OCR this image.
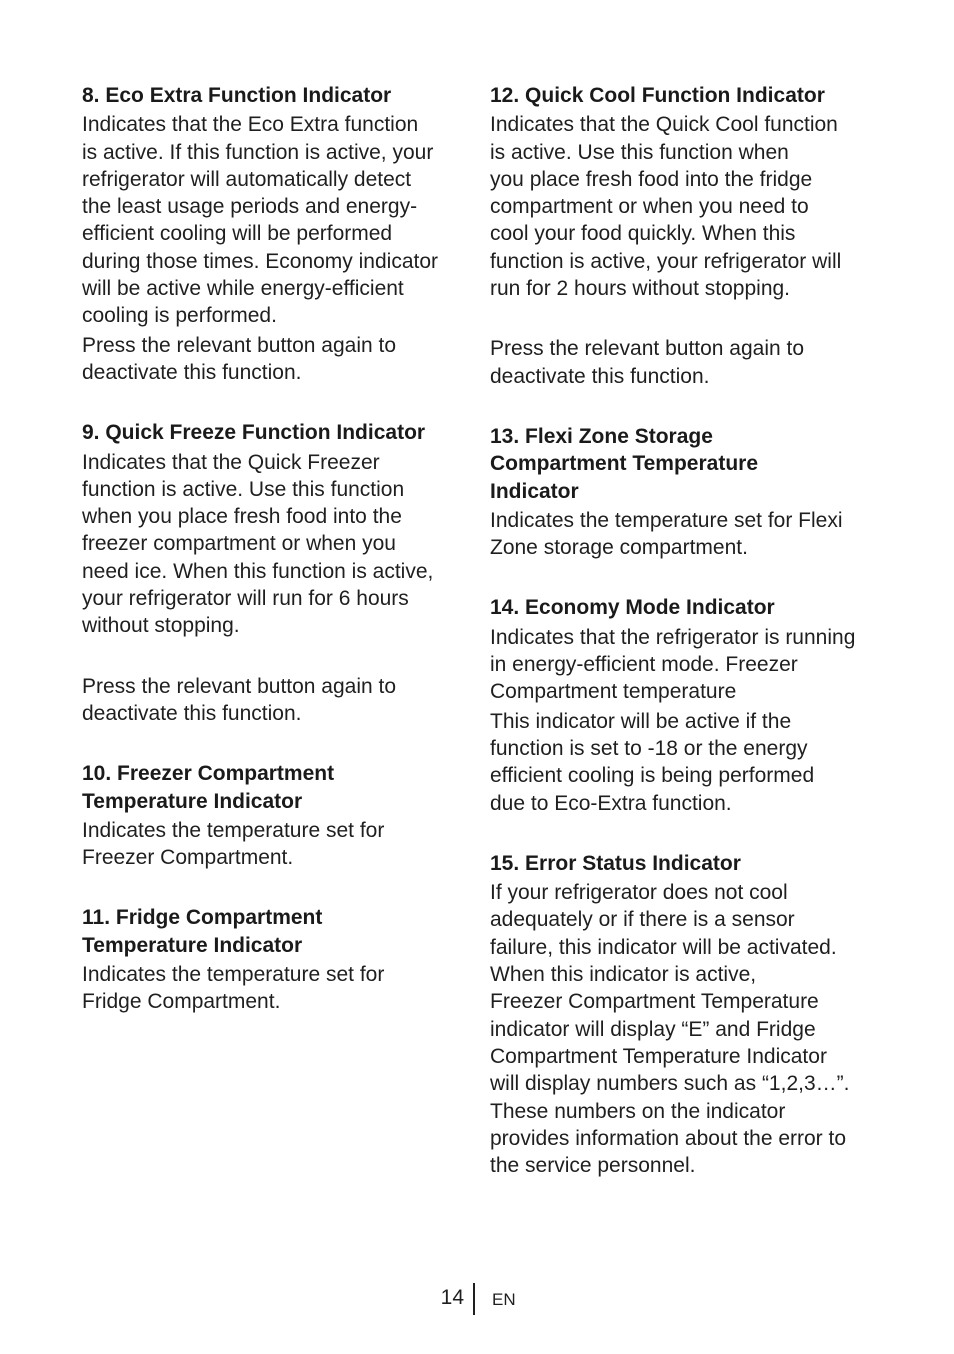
8. Eco Extra Function Indicator

Indicates that the Eco Extra function
is active. If this function is active, your
refrigerator will automatically detect
the least usage periods and energy-
efficient cooling will be performed
during those times. Economy indicator
will be active while energy-efficient
cooling is performed.

Press the relevant button again to
deactivate this function.

9. Quick Freeze Function Indicator

Indicates that the Quick Freezer
function is active. Use this function
when you place fresh food into the
freezer compartment or when you
need ice. When this function is active,
your refrigerator will run for 6 hours
without stopping.

Press the relevant button again to
deactivate this function.

10. Freezer Compartment
Temperature Indicator

Indicates the temperature set for
Freezer Compartment.

11. Fridge Compartment
Temperature Indicator

Indicates the temperature set for
Fridge Compartment.

12. Quick Cool Function Indicator

Indicates that the Quick Cool function
is active. Use this function when
you place fresh food into the fridge
compartment or when you need to
cool your food quickly. When this
function is active, your refrigerator will
run for 2 hours without stopping.

Press the relevant button again to
deactivate this function.

13. Flexi Zone Storage
Compartment Temperature
Indicator

Indicates the temperature set for Flexi
Zone storage compartment.

14. Economy Mode Indicator

Indicates that the refrigerator is running
in energy-efficient mode. Freezer
Compartment temperature

This indicator will be active if the
function is set to -18 or the energy
efficient cooling is being performed
due to Eco-Extra function.

15. Error Status Indicator

If your refrigerator does not cool
adequately or if there is a sensor
failure, this indicator will be activated.
When this indicator is active,
Freezer Compartment Temperature
indicator will display “E” and Fridge
Compartment Temperature Indicator
will display numbers such as “1,2,3…”.
These numbers on the indicator
provides information about the error to
the service personnel.

14 EN
